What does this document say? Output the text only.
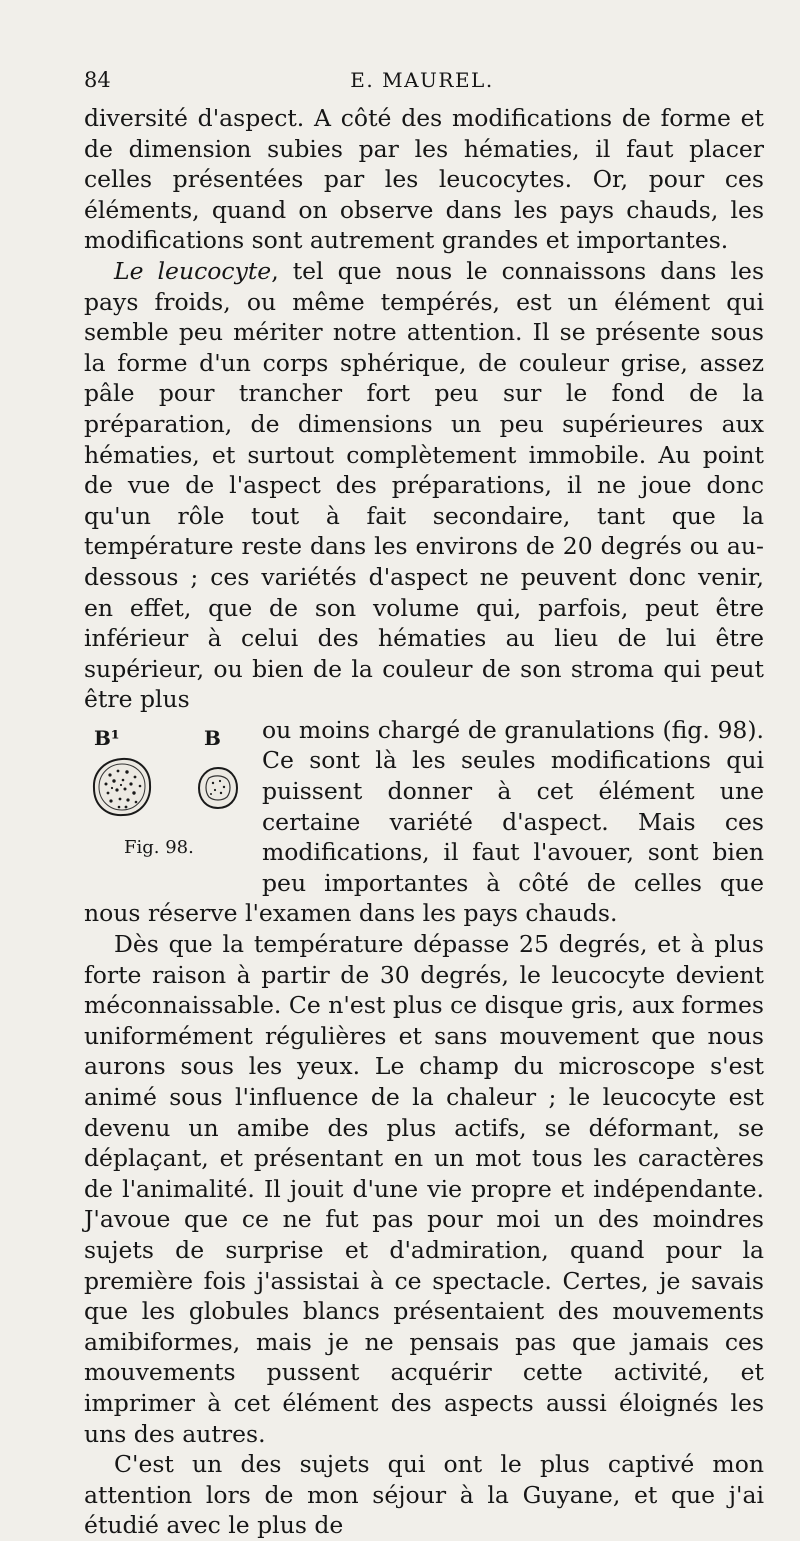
84	E. MAUREL.

diversité d'aspect. A côté des modifications de forme et de dimension subies par les hématies, il faut placer celles présentées par les leucocytes. Or, pour ces éléments, quand on observe dans les pays chauds, les modifications sont autrement grandes et importantes.

Le leucocyte, tel que nous le connaissons dans les pays froids, ou même tempérés, est un élément qui semble peu mériter notre attention. Il se présente sous la forme d'un corps sphérique, de couleur grise, assez pâle pour trancher fort peu sur le fond de la préparation, de dimensions un peu supérieures aux hématies, et surtout complètement immobile. Au point de vue de l'aspect des préparations, il ne joue donc qu'un rôle tout à fait secondaire, tant que la température reste dans les environs de 20 degrés ou au-dessous ; ces variétés d'aspect ne peuvent donc venir, en effet, que de son volume qui, parfois, peut être inférieur à celui des hématies au lieu de lui être supérieur, ou bien de la couleur de son stroma qui peut être plus

B¹	B
Fig. 98.

ou moins chargé de granulations (fig. 98). Ce sont là les seules modifications qui puissent donner à cet élément une certaine variété d'aspect. Mais ces modifications, il faut l'avouer, sont bien peu importantes à côté de celles que nous réserve l'examen dans les pays chauds.

Dès que la température dépasse 25 degrés, et à plus forte raison à partir de 30 degrés, le leucocyte devient méconnaissable. Ce n'est plus ce disque gris, aux formes uniformément régulières et sans mouvement que nous aurons sous les yeux. Le champ du microscope s'est animé sous l'influence de la chaleur ; le leucocyte est devenu un amibe des plus actifs, se déformant, se déplaçant, et présentant en un mot tous les caractères de l'animalité. Il jouit d'une vie propre et indépendante. J'avoue que ce ne fut pas pour moi un des moindres sujets de surprise et d'admiration, quand pour la première fois j'assistai à ce spectacle. Certes, je savais que les globules blancs présentaient des mouvements amibiformes, mais je ne pensais pas que jamais ces mouvements pussent acquérir cette activité, et imprimer à cet élément des aspects aussi éloignés les uns des autres.

C'est un des sujets qui ont le plus captivé mon attention lors de mon séjour à la Guyane, et que j'ai étudié avec le plus de
